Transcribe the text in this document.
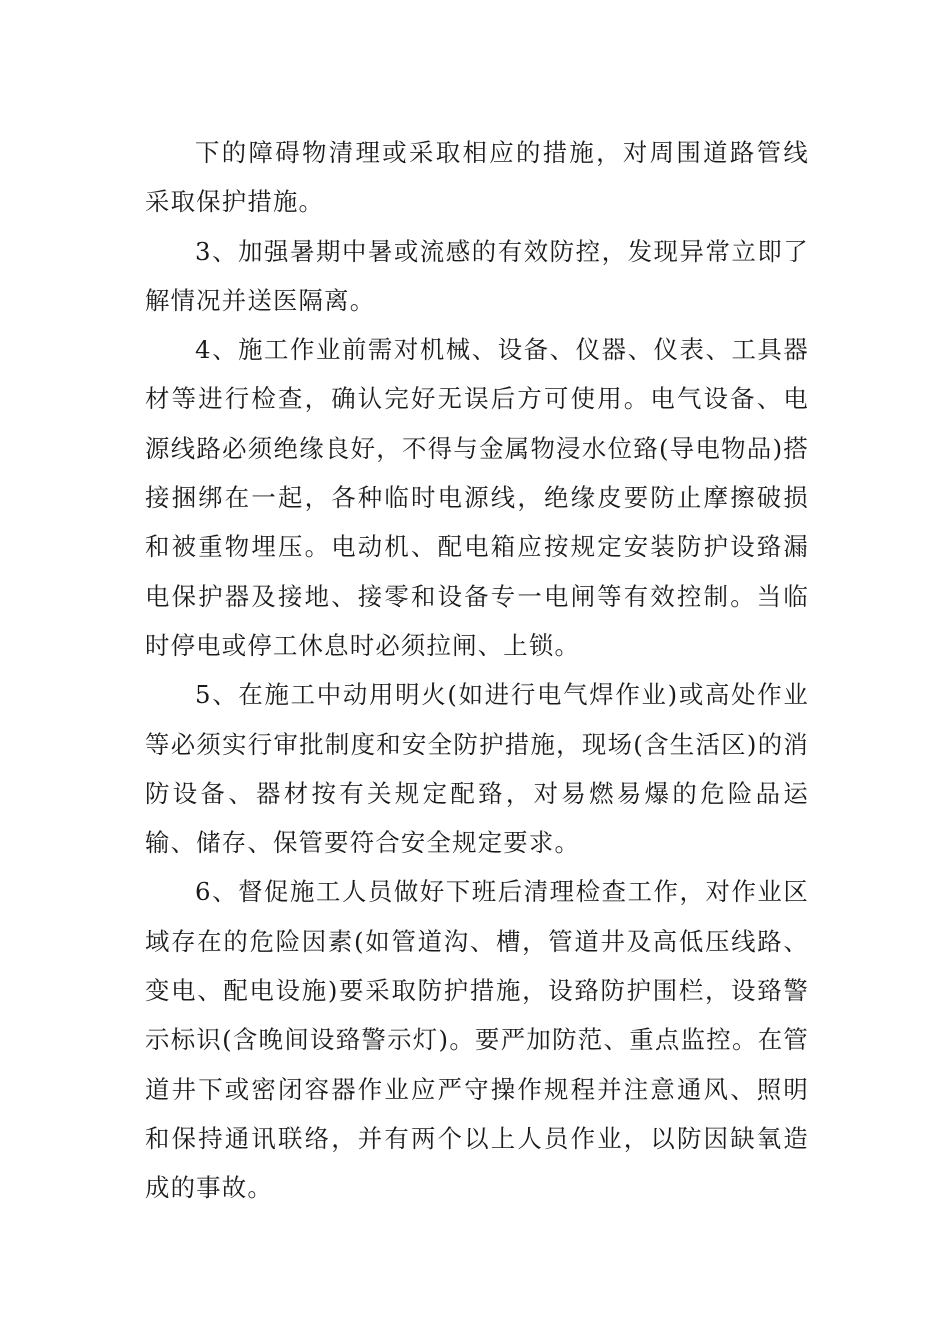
下的障碍物清理或采取相应的措施，对周围道路管线采取保护措施。

3、加强暑期中暑或流感的有效防控，发现异常立即了解情况并送医隔离。

4、施工作业前需对机械、设备、仪器、仪表、工具器材等进行检查，确认完好无误后方可使用。电气设备、电源线路必须绝缘良好，不得与金属物浸水位臵(导电物品)搭接捆绑在一起，各种临时电源线，绝缘皮要防止摩擦破损和被重物埋压。电动机、配电箱应按规定安装防护设臵漏电保护器及接地、接零和设备专一电闸等有效控制。当临时停电或停工休息时必须拉闸、上锁。

5、在施工中动用明火(如进行电气焊作业)或高处作业等必须实行审批制度和安全防护措施，现场(含生活区)的消防设备、器材按有关规定配臵，对易燃易爆的危险品运输、储存、保管要符合安全规定要求。

6、督促施工人员做好下班后清理检查工作，对作业区域存在的危险因素(如管道沟、槽，管道井及高低压线路、变电、配电设施)要采取防护措施，设臵防护围栏，设臵警示标识(含晚间设臵警示灯)。要严加防范、重点监控。在管道井下或密闭容器作业应严守操作规程并注意通风、照明和保持通讯联络，并有两个以上人员作业，以防因缺氧造成的事故。
